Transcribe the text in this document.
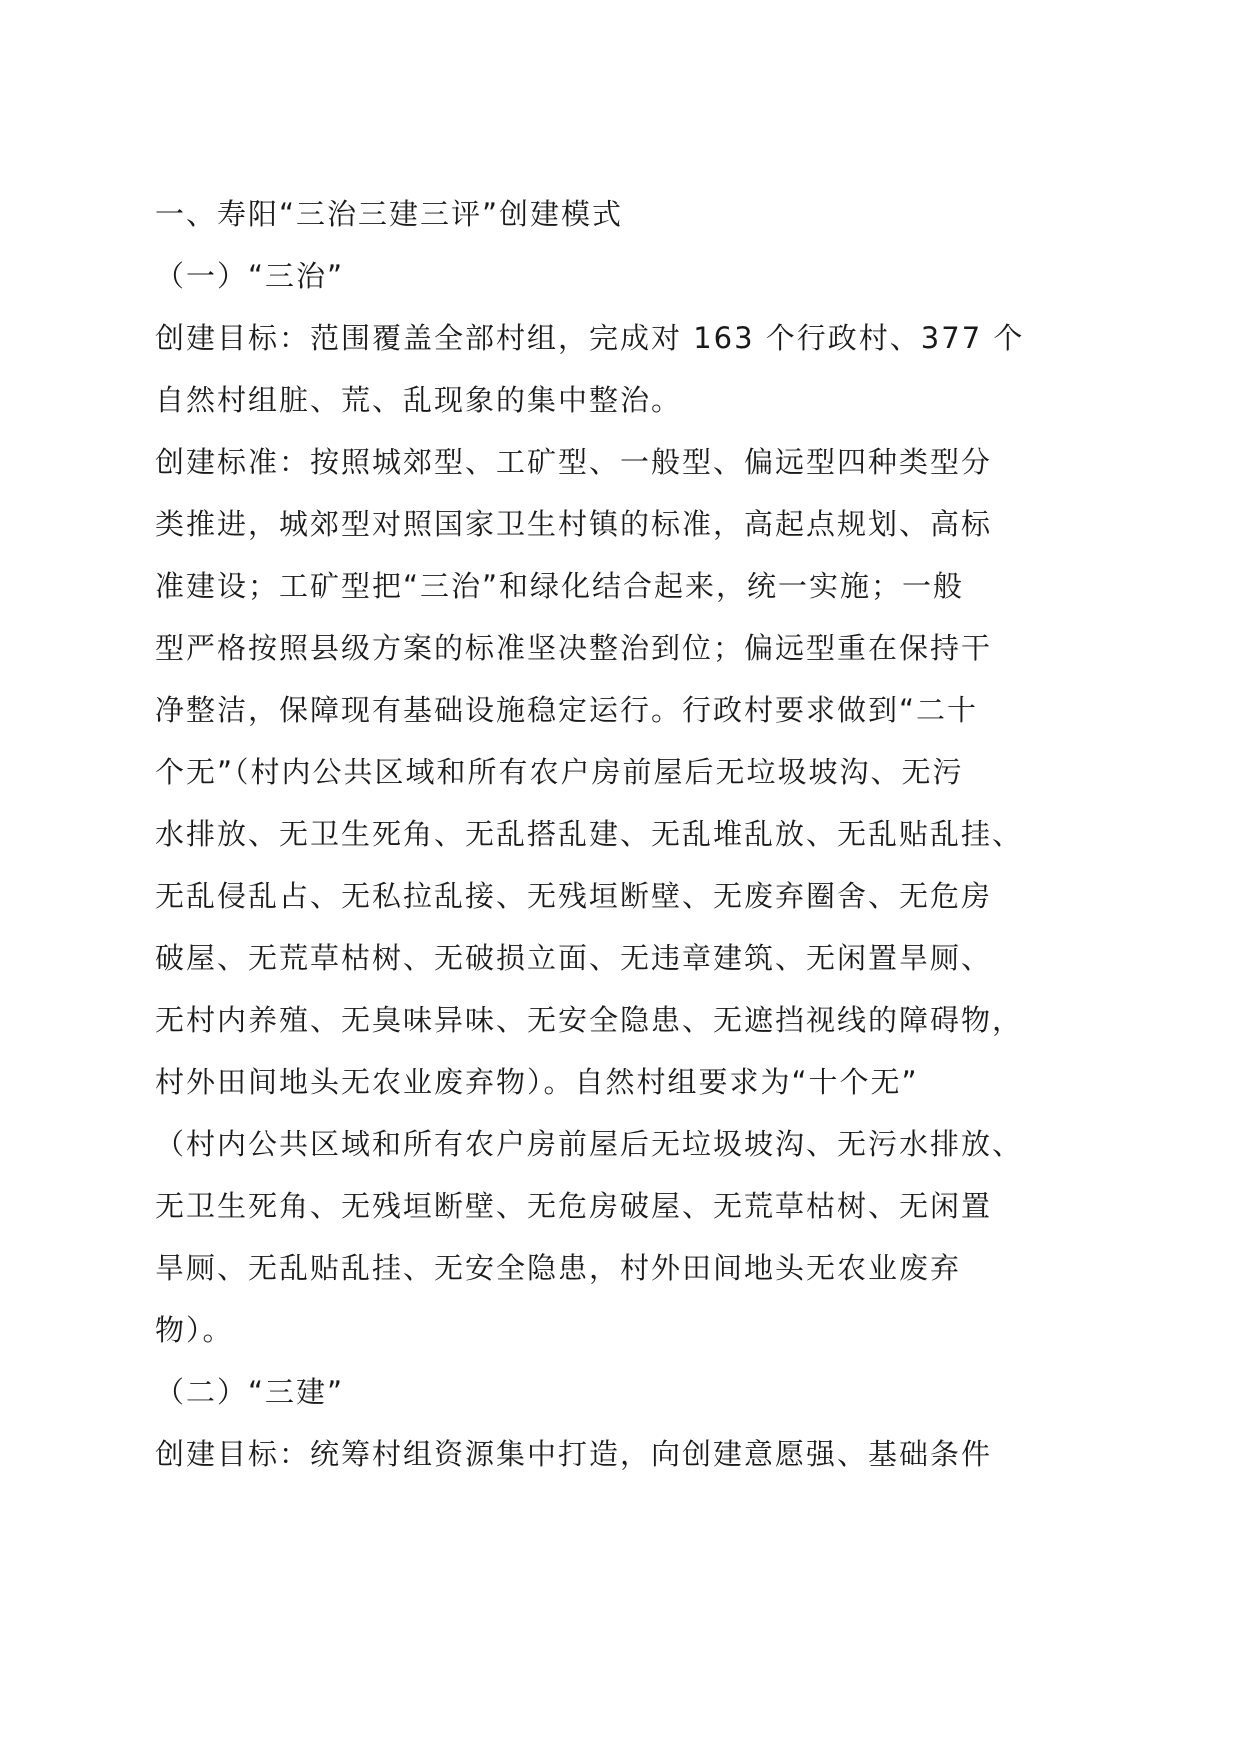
一、寿阳“三治三建三评”创建模式
（一）“三治”
创建目标：范围覆盖全部村组，完成对 163 个行政村、377 个
自然村组脏、荒、乱现象的集中整治。
创建标准：按照城郊型、工矿型、一般型、偏远型四种类型分
类推进，城郊型对照国家卫生村镇的标准，高起点规划、高标
准建设；工矿型把“三治”和绿化结合起来，统一实施；一般
型严格按照县级方案的标准坚决整治到位；偏远型重在保持干
净整洁，保障现有基础设施稳定运行。行政村要求做到“二十
个无”（村内公共区域和所有农户房前屋后无垃圾坡沟、无污
水排放、无卫生死角、无乱搭乱建、无乱堆乱放、无乱贴乱挂、
无乱侵乱占、无私拉乱接、无残垣断壁、无废弃圈舍、无危房
破屋、无荒草枯树、无破损立面、无违章建筑、无闲置旱厕、
无村内养殖、无臭味异味、无安全隐患、无遮挡视线的障碍物，
村外田间地头无农业废弃物）。自然村组要求为“十个无”
（村内公共区域和所有农户房前屋后无垃圾坡沟、无污水排放、
无卫生死角、无残垣断壁、无危房破屋、无荒草枯树、无闲置
旱厕、无乱贴乱挂、无安全隐患，村外田间地头无农业废弃
物）。
（二）“三建”
创建目标：统筹村组资源集中打造，向创建意愿强、基础条件
